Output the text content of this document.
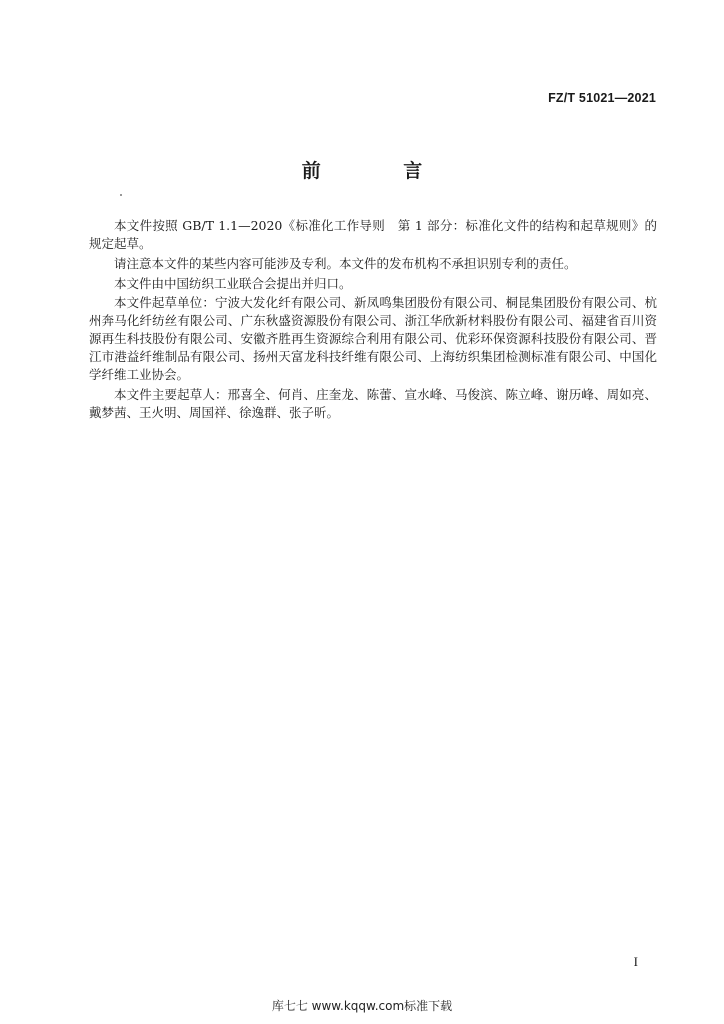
FZ/T 51021—2021
前 言

本文件按照 GB/T 1.1—2020《标准化工作导则　第 1 部分：标准化文件的结构和起草规则》的规定起草。

请注意本文件的某些内容可能涉及专利。本文件的发布机构不承担识别专利的责任。

本文件由中国纺织工业联合会提出并归口。

本文件起草单位：宁波大发化纤有限公司、新凤鸣集团股份有限公司、桐昆集团股份有限公司、杭州奔马化纤纺丝有限公司、广东秋盛资源股份有限公司、浙江华欣新材料股份有限公司、福建省百川资源再生科技股份有限公司、安徽齐胜再生资源综合利用有限公司、优彩环保资源科技股份有限公司、晋江市港益纤维制品有限公司、扬州天富龙科技纤维有限公司、上海纺织集团检测标准有限公司、中国化学纤维工业协会。

本文件主要起草人：邢喜全、何肖、庄奎龙、陈蕾、宣水峰、马俊滨、陈立峰、谢历峰、周如亮、戴梦茜、王火明、周国祥、徐逸群、张子昕。

I
库七七 www.kqqw.com标准下载
